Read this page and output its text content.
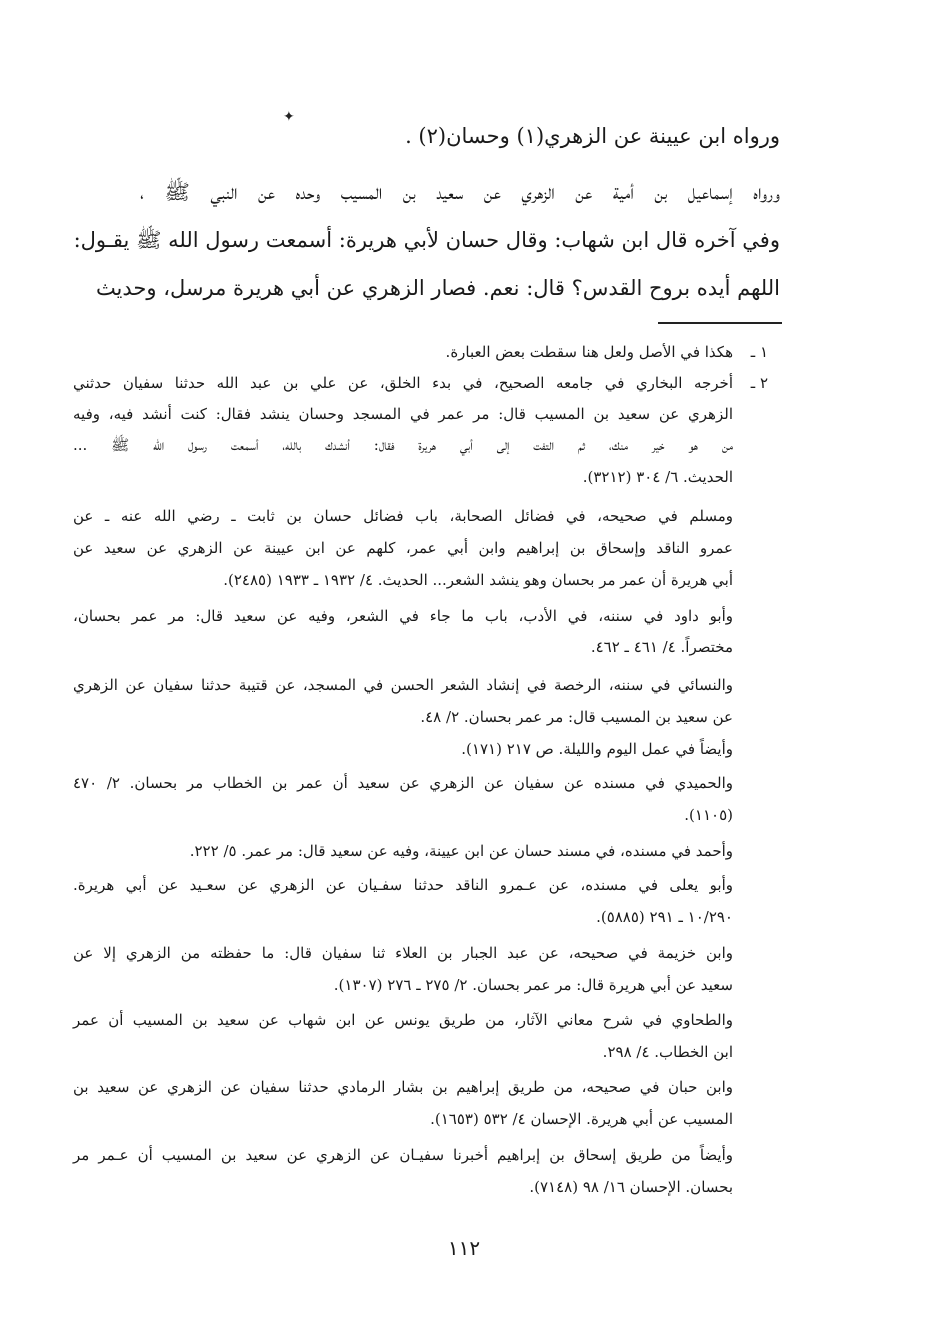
✦
ورواه ابن عيينة عن الزهري(١) وحسان(٢) .
ورواه إسماعيل بن أمية عن الزهري عن سعيد بن المسيب وحده عن النبي ﷺ ،
وفي آخره قال ابن شهاب: وقال حسان لأبي هريرة: أسمعت رسول الله ﷺ يقـول:
اللهم أيده بروح القدس؟ قال: نعم. فصار الزهري عن أبي هريرة مرسل، وحديث
١ ـ
هكذا في الأصل ولعل هنا سقطت بعض العبارة.
٢ ـ
أخرجه البخاري في جامعه الصحيح، في بدء الخلق، عن علي بن عبد الله حدثنا سفيان حدثني
الزهري عن سعيد بن المسيب قال: مر عمر في المسجد وحسان ينشد فقال: كنت أنشد فيه، وفيه
من هو خير منك، ثم التفت إلى أبي هريرة فقال: أنشدك بالله، أسمعت رسول الله ﷺ ...
الحديث. ٦/ ٣٠٤ (٣٢١٢).
ومسلم في صحيحه، في فضائل الصحابة، باب فضائل حسان بن ثابت ـ رضي الله عنه ـ عن
عمرو الناقد وإسحاق بن إبراهيم وابن أبي عمر، كلهم عن ابن عيينة عن الزهري عن سعيد عن
أبي هريرة أن عمر مر بحسان وهو ينشد الشعر... الحديث. ٤/ ١٩٣٢ ـ ١٩٣٣ (٢٤٨٥).
وأبو داود في سننه، في الأدب، باب ما جاء في الشعر، وفيه عن سعيد قال: مر عمر بحسان،
مختصراً. ٤/ ٤٦١ ـ ٤٦٢.
والنسائي في سننه، الرخصة في إنشاد الشعر الحسن في المسجد، عن قتيبة حدثنا سفيان عن الزهري
عن سعيد بن المسيب قال: مر عمر بحسان. ٢/ ٤٨.
وأيضاً في عمل اليوم والليلة. ص ٢١٧ (١٧١).
والحميدي في مسنده عن سفيان عن الزهري عن سعيد أن عمر بن الخطاب مر بحسان. ٢/ ٤٧٠
(١١٠٥).
وأحمد في مسنده، في مسند حسان عن ابن عيينة، وفيه عن سعيد قال: مر عمر. ٥/ ٢٢٢.
وأبو يعلى في مسنده، عن عـمرو الناقد حدثنا سفـيان عن الزهري عن سعـيد عن أبي هريرة.
١٠/٢٩٠ ـ ٢٩١ (٥٨٨٥).
وابن خزيمة في صحيحه، عن عبد الجبار بن العلاء ثنا سفيان قال: ما حفظته من الزهري إلا عن
سعيد عن أبي هريرة قال: مر عمر بحسان. ٢/ ٢٧٥ ـ ٢٧٦ (١٣٠٧).
والطحاوي في شرح معاني الآثار، من طريق يونس عن ابن شهاب عن سعيد بن المسيب أن عمر
ابن الخطاب. ٤/ ٢٩٨.
وابن حبان في صحيحه، من طريق إبراهيم بن بشار الرمادي حدثنا سفيان عن الزهري عن سعيد بن
المسيب عن أبي هريرة. الإحسان ٤/ ٥٣٢ (١٦٥٣).
وأيضاً من طريق إسحاق بن إبراهيم أخبرنا سفيـان عن الزهري عن سعيد بن المسيب أن عـمر مر
بحسان. الإحسان ١٦/ ٩٨ (٧١٤٨).
١١٢
